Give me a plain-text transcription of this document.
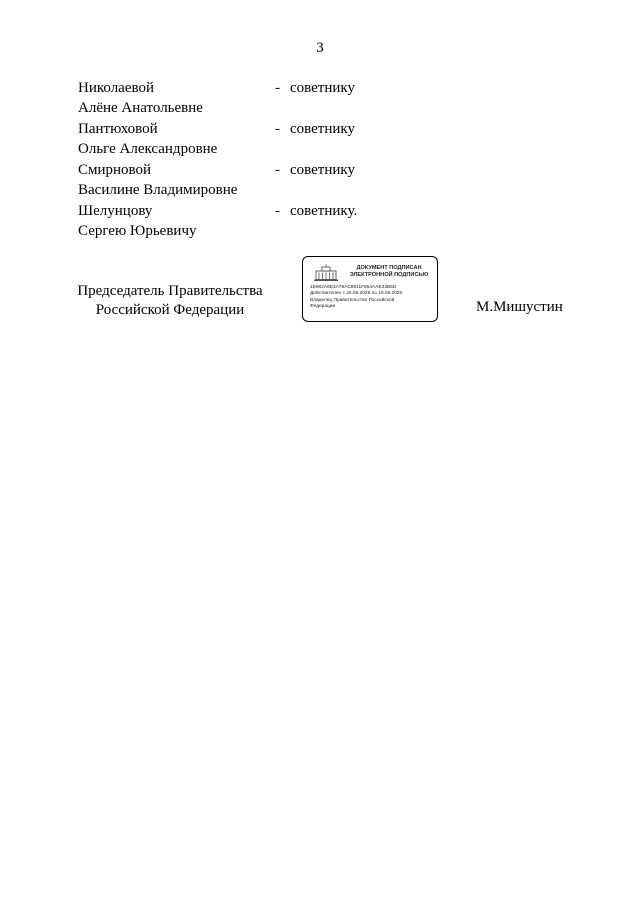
3
Николаевой
Алёне Анатольевне
- советнику
Пантюховой
Ольге Александровне
- советнику
Смирновой
Василине Владимировне
- советнику
Шелунцову
Сергею Юрьевичу
- советнику.
Председатель Правительства
Российской Федерации
ДОКУМЕНТ ПОДПИСАН
ЭЛЕКТРОННОЙ ПОДПИСЬЮ
1E882A6E3A79AC9611F854AAE33B5D
Действителен с 26.06.2025 по 19.09.2026
Владелец Правительство Российской
Федерации	М.Мишустин
